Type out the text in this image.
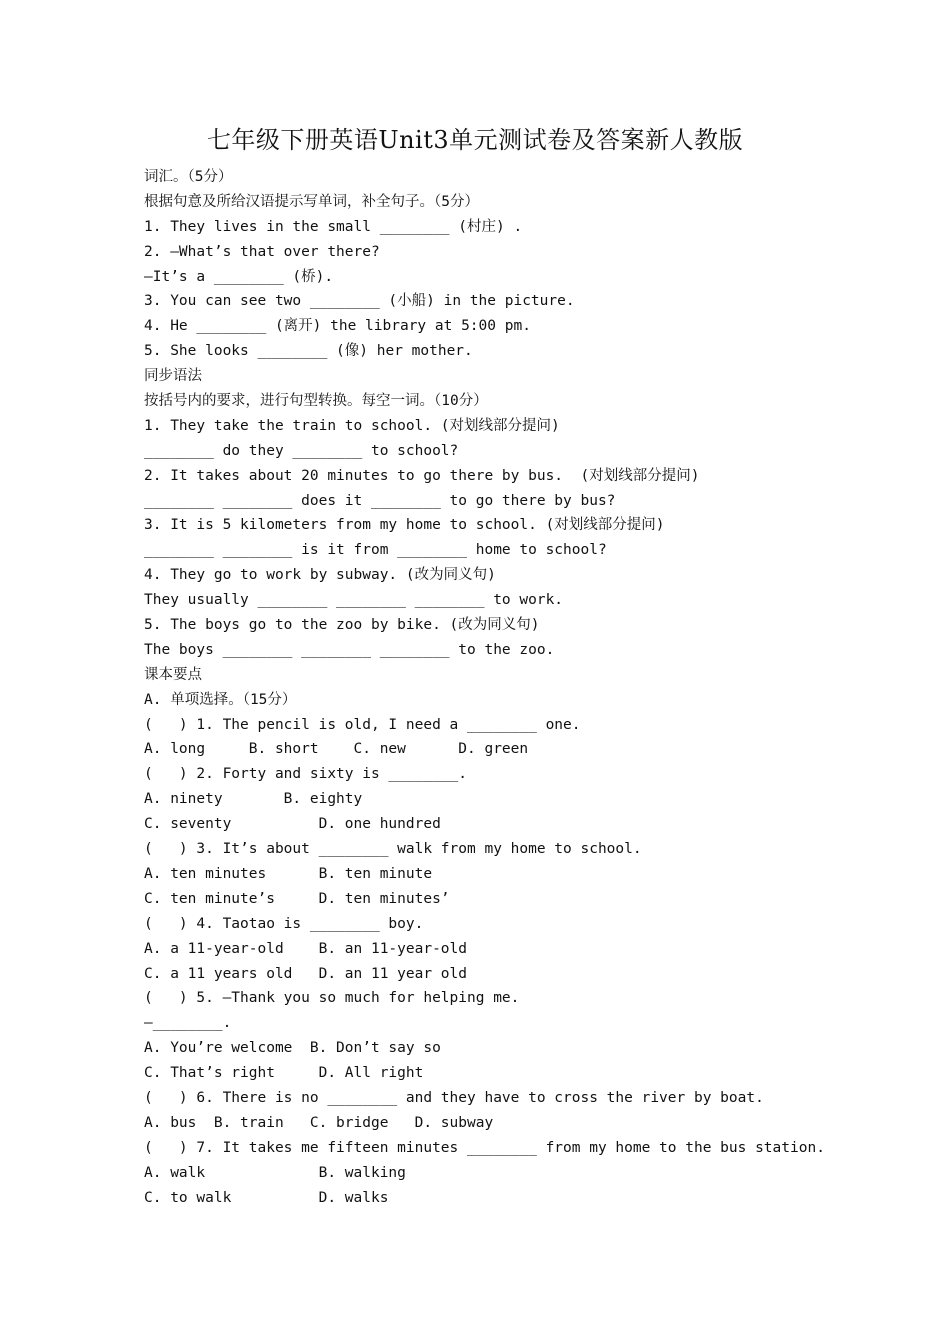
七年级下册英语Unit3单元测试卷及答案新人教版
词汇。（5分）
根据句意及所给汉语提示写单词，补全句子。（5分）
1. They lives in the small ________ (村庄) .
2. —What’s that over there?
—It’s a ________ (桥).
3. You can see two ________ (小船) in the picture.
4. He ________ (离开) the library at 5:00 pm.
5. She looks ________ (像) her mother.
同步语法
按括号内的要求，进行句型转换。每空一词。（10分）
1. They take the train to school. (对划线部分提问)
________ do they ________ to school?
2. It takes about 20 minutes to go there by bus.  (对划线部分提问)
________ ________ does it ________ to go there by bus?
3. It is 5 kilometers from my home to school. (对划线部分提问)
________ ________ is it from ________ home to school?
4. They go to work by subway. (改为同义句)
They usually ________ ________ ________ to work.
5. The boys go to the zoo by bike. (改为同义句)
The boys ________ ________ ________ to the zoo.
课本要点
A. 单项选择。（15分）
(   ) 1. The pencil is old, I need a ________ one.
A. long     B. short    C. new      D. green
(   ) 2. Forty and sixty is ________.
A. ninety       B. eighty
C. seventy          D. one hundred
(   ) 3. It’s about ________ walk from my home to school.
A. ten minutes      B. ten minute
C. ten minute’s     D. ten minutes’
(   ) 4. Taotao is ________ boy.
A. a 11-year-old    B. an 11-year-old
C. a 11 years old   D. an 11 year old
(   ) 5. —Thank you so much for helping me.
—________.
A. You’re welcome  B. Don’t say so
C. That’s right     D. All right
(   ) 6. There is no ________ and they have to cross the river by boat.
A. bus  B. train   C. bridge   D. subway
(   ) 7. It takes me fifteen minutes ________ from my home to the bus station.
A. walk             B. walking
C. to walk          D. walks
